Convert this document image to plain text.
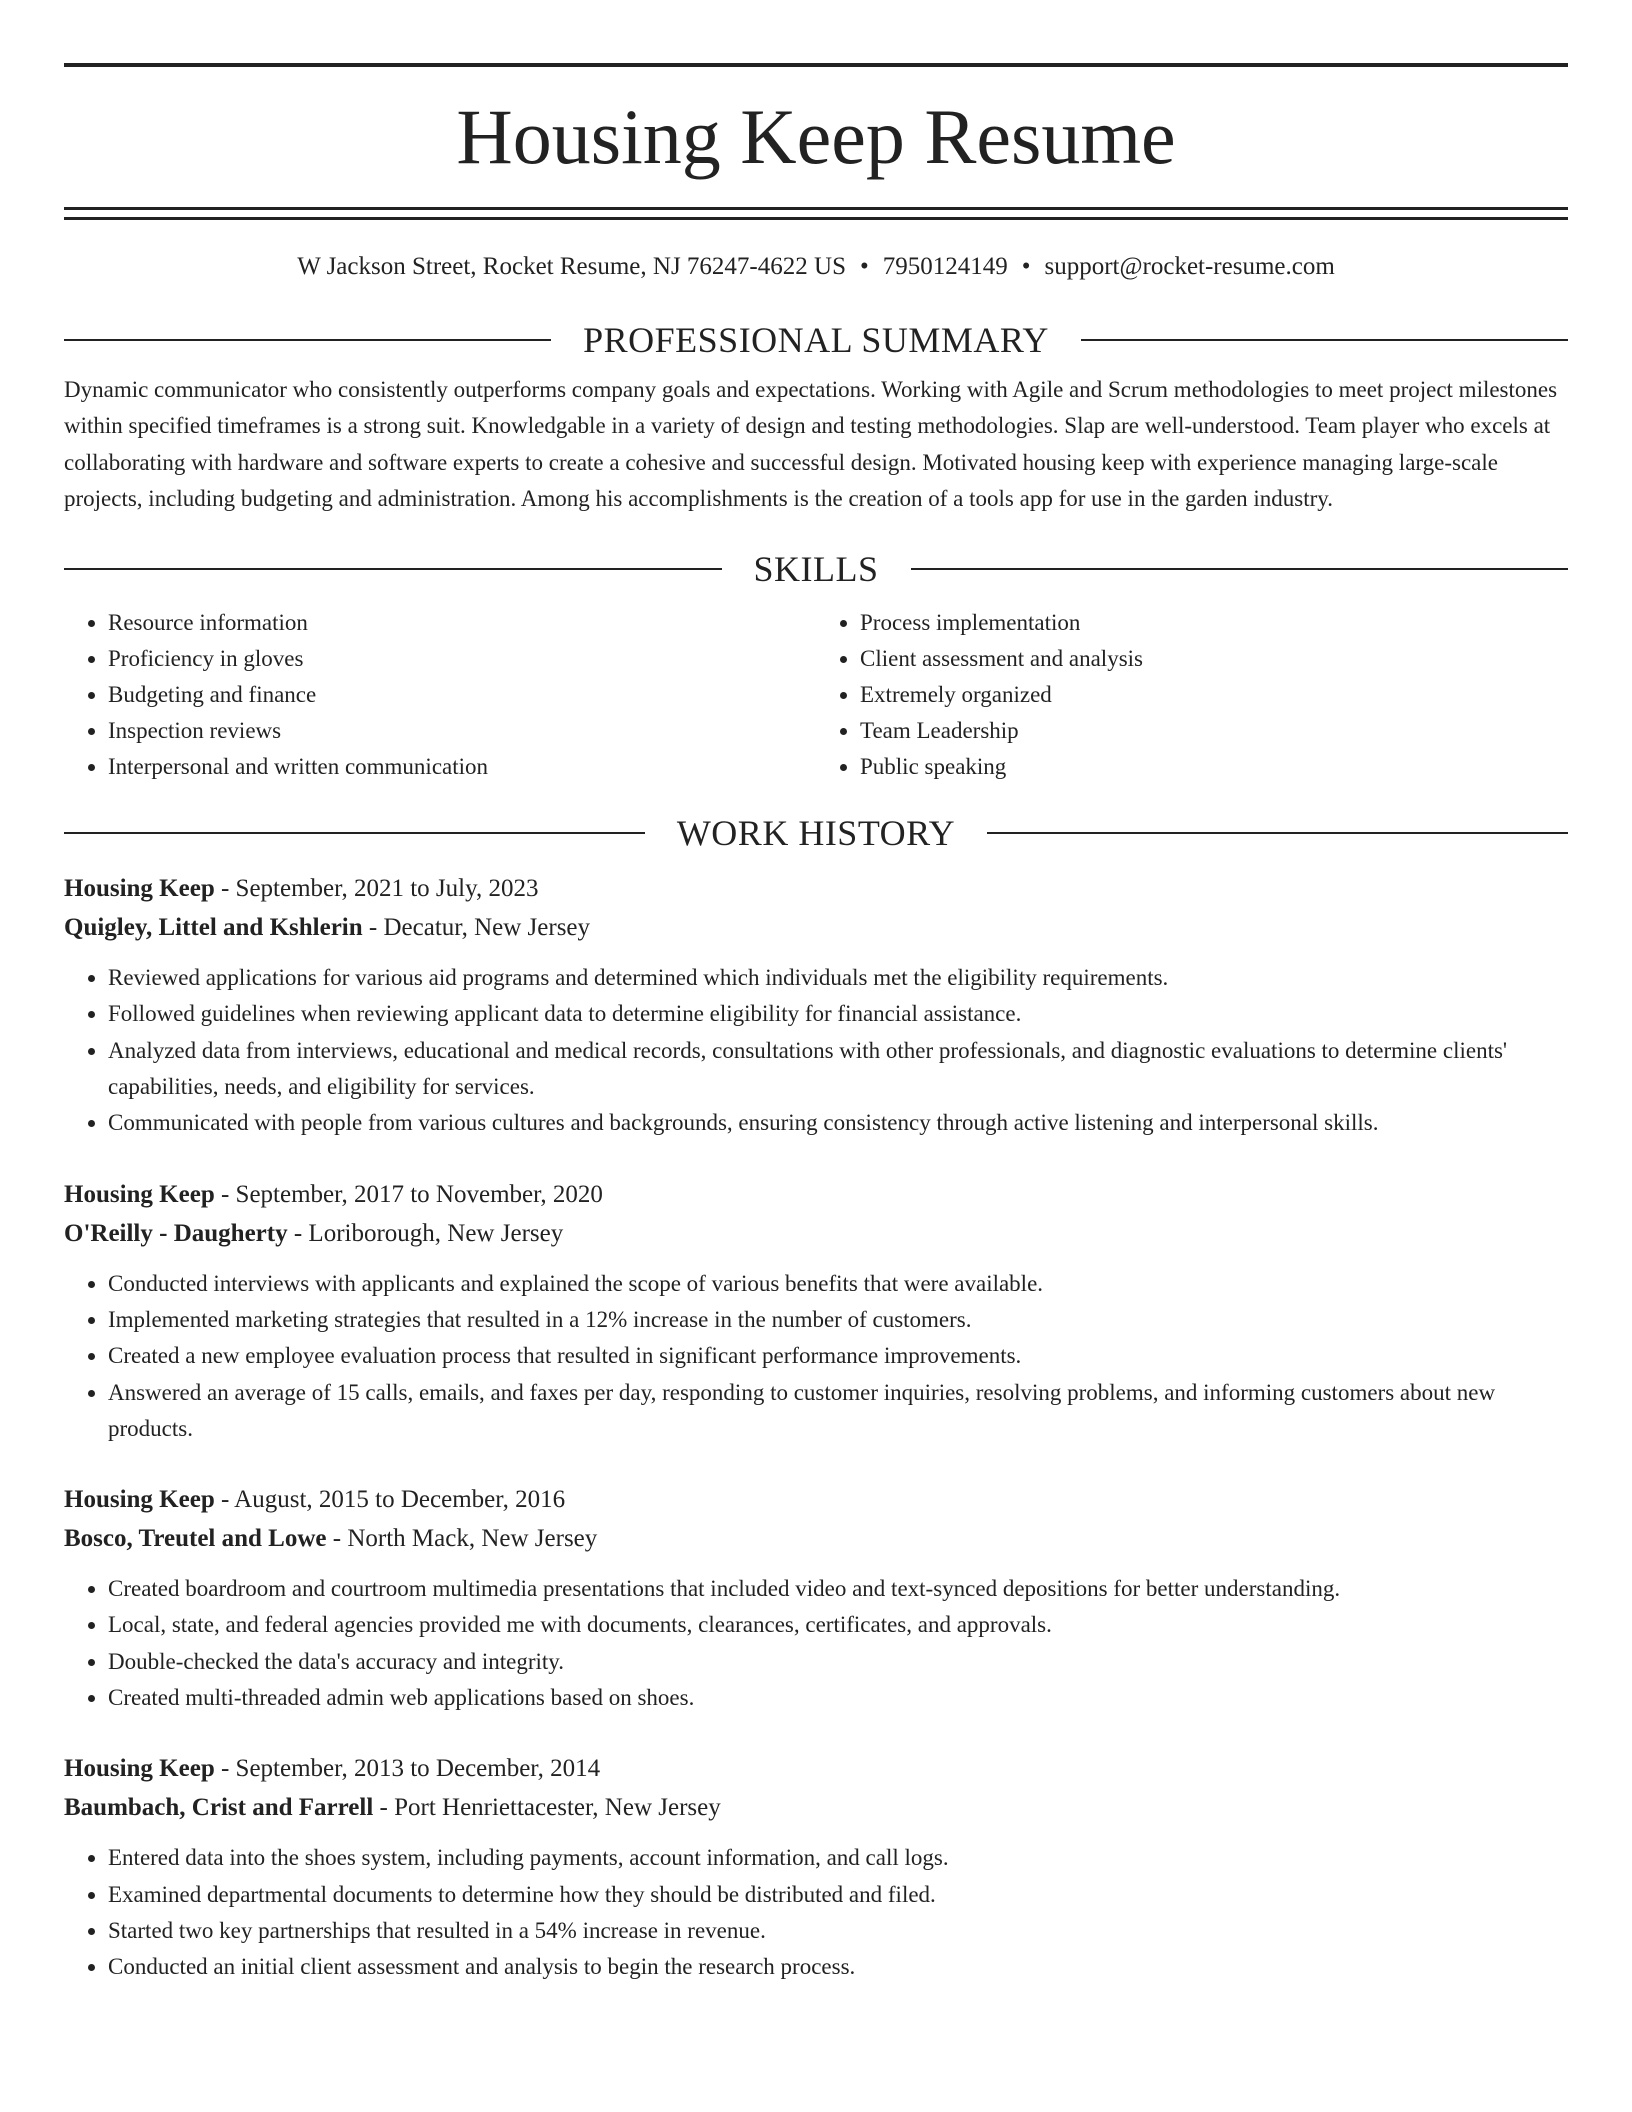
Housing Keep Resume
W Jackson Street, Rocket Resume, NJ 76247-4622 US • 7950124149 • support@rocket-resume.com
PROFESSIONAL SUMMARY
Dynamic communicator who consistently outperforms company goals and expectations. Working with Agile and Scrum methodologies to meet project milestones within specified timeframes is a strong suit. Knowledgable in a variety of design and testing methodologies. Slap are well-understood. Team player who excels at collaborating with hardware and software experts to create a cohesive and successful design. Motivated housing keep with experience managing large-scale projects, including budgeting and administration. Among his accomplishments is the creation of a tools app for use in the garden industry.
SKILLS
• Resource information
• Proficiency in gloves
• Budgeting and finance
• Inspection reviews
• Interpersonal and written communication
• Process implementation
• Client assessment and analysis
• Extremely organized
• Team Leadership
• Public speaking
WORK HISTORY
Housing Keep - September, 2021 to July, 2023
Quigley, Littel and Kshlerin - Decatur, New Jersey
• Reviewed applications for various aid programs and determined which individuals met the eligibility requirements.
• Followed guidelines when reviewing applicant data to determine eligibility for financial assistance.
• Analyzed data from interviews, educational and medical records, consultations with other professionals, and diagnostic evaluations to determine clients' capabilities, needs, and eligibility for services.
• Communicated with people from various cultures and backgrounds, ensuring consistency through active listening and interpersonal skills.
Housing Keep - September, 2017 to November, 2020
O'Reilly - Daugherty - Loriborough, New Jersey
• Conducted interviews with applicants and explained the scope of various benefits that were available.
• Implemented marketing strategies that resulted in a 12% increase in the number of customers.
• Created a new employee evaluation process that resulted in significant performance improvements.
• Answered an average of 15 calls, emails, and faxes per day, responding to customer inquiries, resolving problems, and informing customers about new products.
Housing Keep - August, 2015 to December, 2016
Bosco, Treutel and Lowe - North Mack, New Jersey
• Created boardroom and courtroom multimedia presentations that included video and text-synced depositions for better understanding.
• Local, state, and federal agencies provided me with documents, clearances, certificates, and approvals.
• Double-checked the data's accuracy and integrity.
• Created multi-threaded admin web applications based on shoes.
Housing Keep - September, 2013 to December, 2014
Baumbach, Crist and Farrell - Port Henriettacester, New Jersey
• Entered data into the shoes system, including payments, account information, and call logs.
• Examined departmental documents to determine how they should be distributed and filed.
• Started two key partnerships that resulted in a 54% increase in revenue.
• Conducted an initial client assessment and analysis to begin the research process.
